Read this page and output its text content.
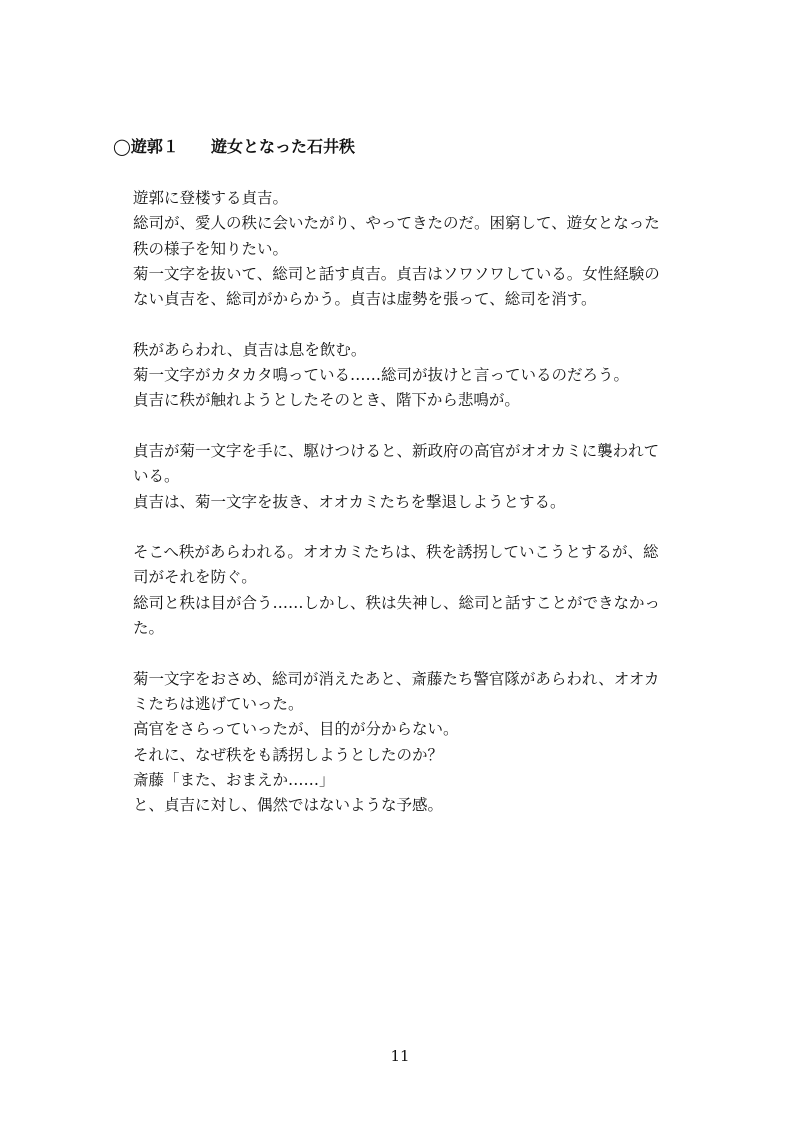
◯遊郭１ 遊女となった石井秩
遊郭に登楼する貞吉。
総司が、愛人の秩に会いたがり、やってきたのだ。困窮して、遊女となった
秩の様子を知りたい。
菊一文字を抜いて、総司と話す貞吉。貞吉はソワソワしている。女性経験の
ない貞吉を、総司がからかう。貞吉は虚勢を張って、総司を消す。
秩があらわれ、貞吉は息を飲む。
菊一文字がカタカタ鳴っている……総司が抜けと言っているのだろう。
貞吉に秩が触れようとしたそのとき、階下から悲鳴が。
貞吉が菊一文字を手に、駆けつけると、新政府の高官がオオカミに襲われて
いる。
貞吉は、菊一文字を抜き、オオカミたちを撃退しようとする。
そこへ秩があらわれる。オオカミたちは、秩を誘拐していこうとするが、総
司がそれを防ぐ。
総司と秩は目が合う……しかし、秩は失神し、総司と話すことができなかっ
た。
菊一文字をおさめ、総司が消えたあと、斎藤たち警官隊があらわれ、オオカ
ミたちは逃げていった。
高官をさらっていったが、目的が分からない。
それに、なぜ秩をも誘拐しようとしたのか？
斎藤「また、おまえか……」
と、貞吉に対し、偶然ではないような予感。
11
